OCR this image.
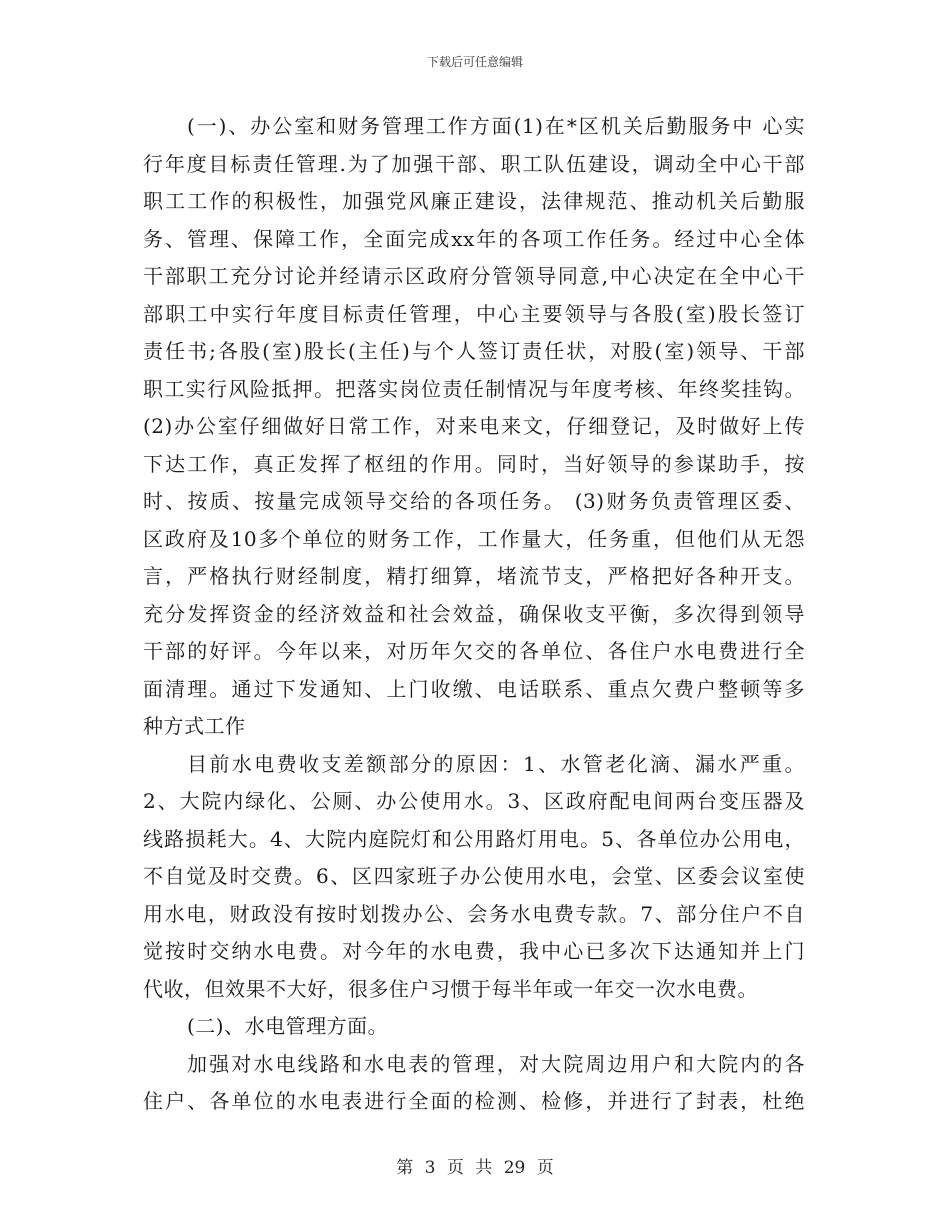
下载后可任意编辑
(一)、办公室和财务管理工作方面(1)在*区机关后勤服务中 心实
行年度目标责任管理.为了加强干部、职工队伍建设，调动全中心干部
职工工作的积极性，加强党风廉正建设，法律规范、推动机关后勤服
务、管理、保障工作，全面完成xx年的各项工作任务。经过中心全体
干部职工充分讨论并经请示区政府分管领导同意,中心决定在全中心干
部职工中实行年度目标责任管理，中心主要领导与各股(室)股长签订
责任书;各股(室)股长(主任)与个人签订责任状，对股(室)领导、干部
职工实行风险抵押。把落实岗位责任制情况与年度考核、年终奖挂钩。
(2)办公室仔细做好日常工作，对来电来文，仔细登记，及时做好上传
下达工作，真正发挥了枢纽的作用。同时，当好领导的参谋助手，按
时、按质、按量完成领导交给的各项任务。 (3)财务负责管理区委、
区政府及10多个单位的财务工作，工作量大，任务重，但他们从无怨
言，严格执行财经制度，精打细算，堵流节支，严格把好各种开支。
充分发挥资金的经济效益和社会效益，确保收支平衡，多次得到领导
干部的好评。今年以来，对历年欠交的各单位、各住户水电费进行全
面清理。通过下发通知、上门收缴、电话联系、重点欠费户整顿等多
种方式工作
目前水电费收支差额部分的原因：1、水管老化滴、漏水严重。
2、大院内绿化、公厕、办公使用水。3、区政府配电间两台变压器及
线路损耗大。4、大院内庭院灯和公用路灯用电。5、各单位办公用电，
不自觉及时交费。6、区四家班子办公使用水电，会堂、区委会议室使
用水电，财政没有按时划拨办公、会务水电费专款。7、部分住户不自
觉按时交纳水电费。对今年的水电费，我中心已多次下达通知并上门
代收，但效果不大好，很多住户习惯于每半年或一年交一次水电费。
(二)、水电管理方面。
加强对水电线路和水电表的管理，对大院周边用户和大院内的各
住户、各单位的水电表进行全面的检测、检修，并进行了封表，杜绝
第 3 页 共 29 页
